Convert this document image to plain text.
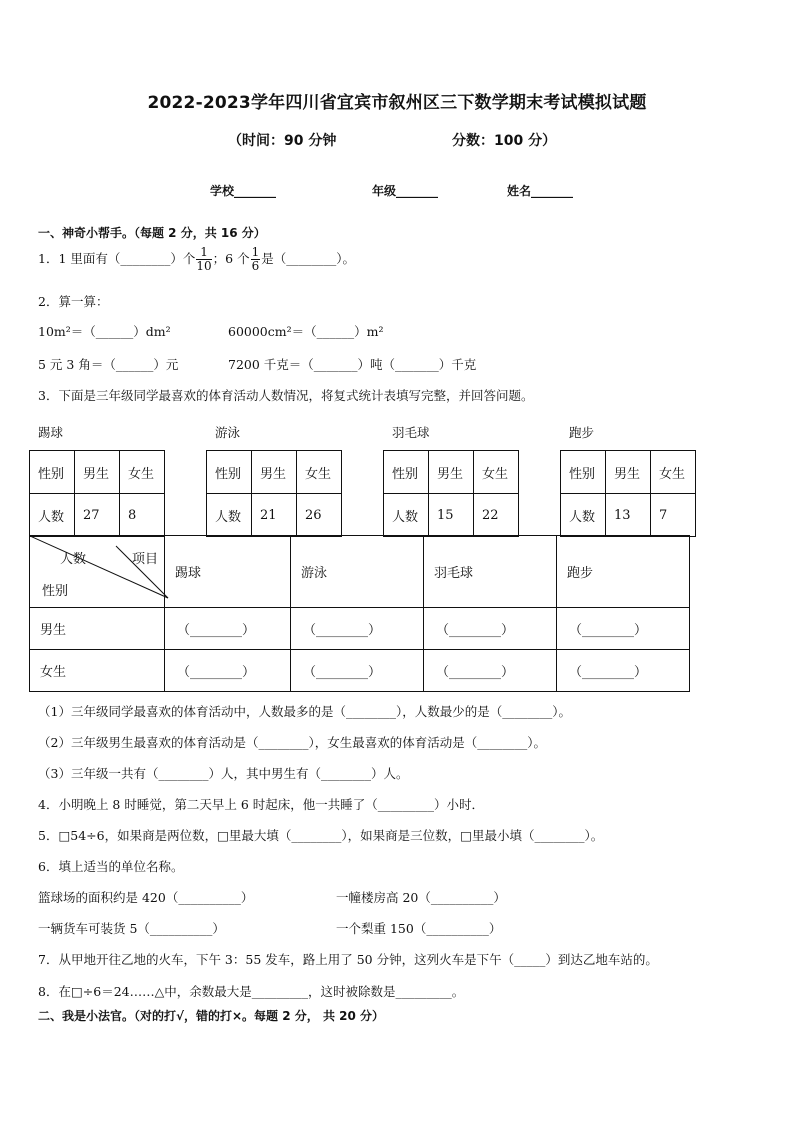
2022-2023学年四川省宜宾市叙州区三下数学期末考试模拟试题
（时间：90 分钟	分数：100 分）
学校_______	年级_______	姓名_______
一、神奇小帮手。（每题 2 分，共 16 分）
1．1 里面有（________）个 $\frac{1}{10}$ ；6 个 $\frac{1}{6}$ 是（________）。
2．算一算：
10m²＝（______）dm²	60000cm²＝（______）m²
5 元 3 角＝（______）元	7200 千克＝（_______）吨（_______）千克
3．下面是三年级同学最喜欢的体育活动人数情况，将复式统计表填写完整，并回答问题。
踢球	游泳	羽毛球	跑步
性别	男生	女生
人数	27	8
性别	男生	女生
人数	21	26
性别	男生	女生
人数	15	22
性别	男生	女生
人数	13	7
人数 项目
性别	踢球	游泳	羽毛球	跑步
男生	（________）	（________）	（________）	（________）
女生	（________）	（________）	（________）	（________）
（1）三年级同学最喜欢的体育活动中，人数最多的是（________），人数最少的是（________）。
（2）三年级男生最喜欢的体育活动是（________），女生最喜欢的体育活动是（________）。
（3）三年级一共有（________）人，其中男生有（________）人。
4．小明晚上 8 时睡觉，第二天早上 6 时起床，他一共睡了（_________）小时．
5．□54÷6，如果商是两位数，□里最大填（________），如果商是三位数，□里最小填（________）。
6．填上适当的单位名称。
篮球场的面积约是 420（__________）	一幢楼房高 20（__________）
一辆货车可装货 5（__________）	一个梨重 150（__________）
7．从甲地开往乙地的火车，下午 3：55 发车，路上用了 50 分钟，这列火车是下午（_____）到达乙地车站的。
8．在□÷6＝24……△中，余数最大是_________，这时被除数是_________。
二、我是小法官。（对的打√，错的打×。每题 2 分， 共 20 分）
